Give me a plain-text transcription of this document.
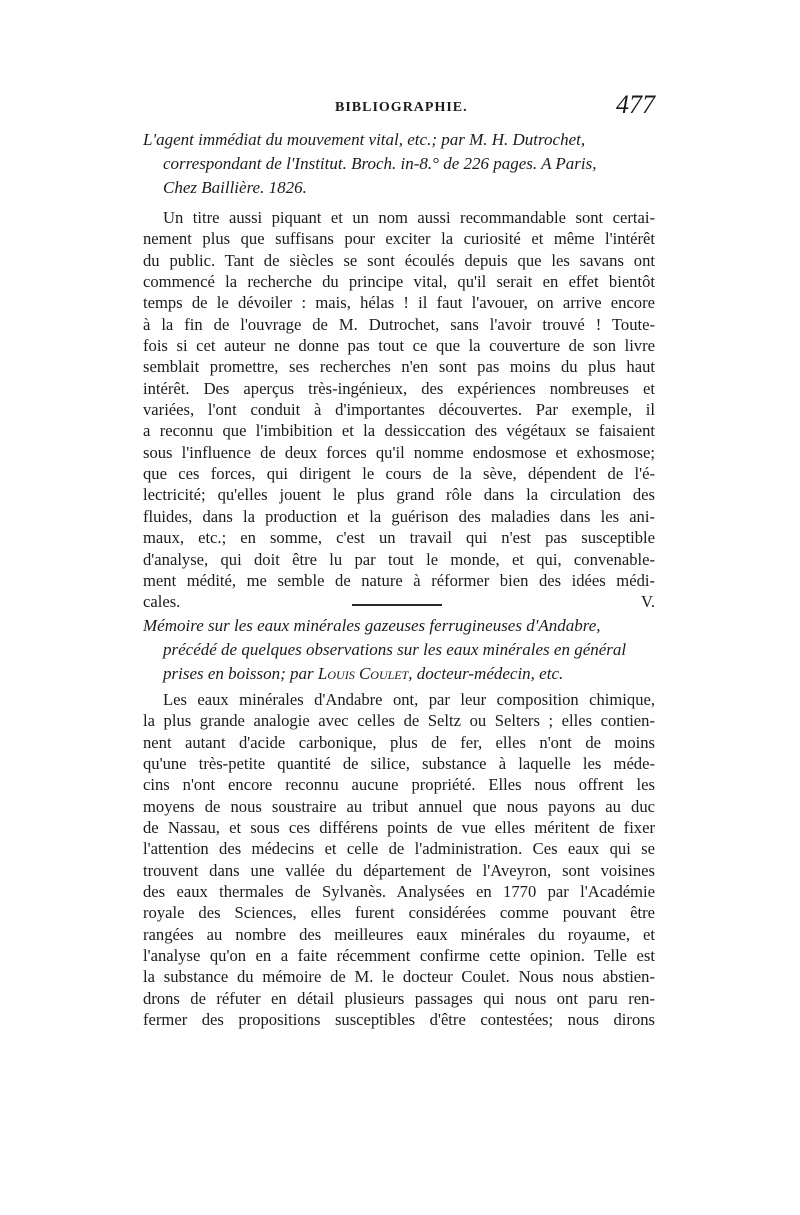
BIBLIOGRAPHIE.	477

L'agent immédiat du mouvement vital, etc.; par M. H. Dutrochet,
correspondant de l'Institut. Broch. in-8.° de 226 pages. A Paris,
Chez Baillière. 1826.

Un titre aussi piquant et un nom aussi recommandable sont certai-
nement plus que suffisans pour exciter la curiosité et même l'intérêt
du public. Tant de siècles se sont écoulés depuis que les savans ont
commencé la recherche du principe vital, qu'il serait en effet bientôt
temps de le dévoiler : mais, hélas ! il faut l'avouer, on arrive encore
à la fin de l'ouvrage de M. Dutrochet, sans l'avoir trouvé ! Toute-
fois si cet auteur ne donne pas tout ce que la couverture de son livre
semblait promettre, ses recherches n'en sont pas moins du plus haut
intérêt. Des aperçus très-ingénieux, des expériences nombreuses et
variées, l'ont conduit à d'importantes découvertes. Par exemple, il
a reconnu que l'imbibition et la dessiccation des végétaux se faisaient
sous l'influence de deux forces qu'il nomme endosmose et exhosmose;
que ces forces, qui dirigent le cours de la sève, dépendent de l'é-
lectricité; qu'elles jouent le plus grand rôle dans la circulation des
fluides, dans la production et la guérison des maladies dans les ani-
maux, etc.; en somme, c'est un travail qui n'est pas susceptible
d'analyse, qui doit être lu par tout le monde, et qui, convenable-
ment médité, me semble de nature à réformer bien des idées médi-
cales.	V.

Mémoire sur les eaux minérales gazeuses ferrugineuses d'Andabre,
précédé de quelques observations sur les eaux minérales en général
prises en boisson; par Louis Coulet, docteur-médecin, etc.

Les eaux minérales d'Andabre ont, par leur composition chimique,
la plus grande analogie avec celles de Seltz ou Selters ; elles contien-
nent autant d'acide carbonique, plus de fer, elles n'ont de moins
qu'une très-petite quantité de silice, substance à laquelle les méde-
cins n'ont encore reconnu aucune propriété. Elles nous offrent les
moyens de nous soustraire au tribut annuel que nous payons au duc
de Nassau, et sous ces différens points de vue elles méritent de fixer
l'attention des médecins et celle de l'administration. Ces eaux qui se
trouvent dans une vallée du département de l'Aveyron, sont voisines
des eaux thermales de Sylvanès. Analysées en 1770 par l'Académie
royale des Sciences, elles furent considérées comme pouvant être
rangées au nombre des meilleures eaux minérales du royaume, et
l'analyse qu'on en a faite récemment confirme cette opinion. Telle est
la substance du mémoire de M. le docteur Coulet. Nous nous abstien-
drons de réfuter en détail plusieurs passages qui nous ont paru ren-
fermer des propositions susceptibles d'être contestées; nous dirons
